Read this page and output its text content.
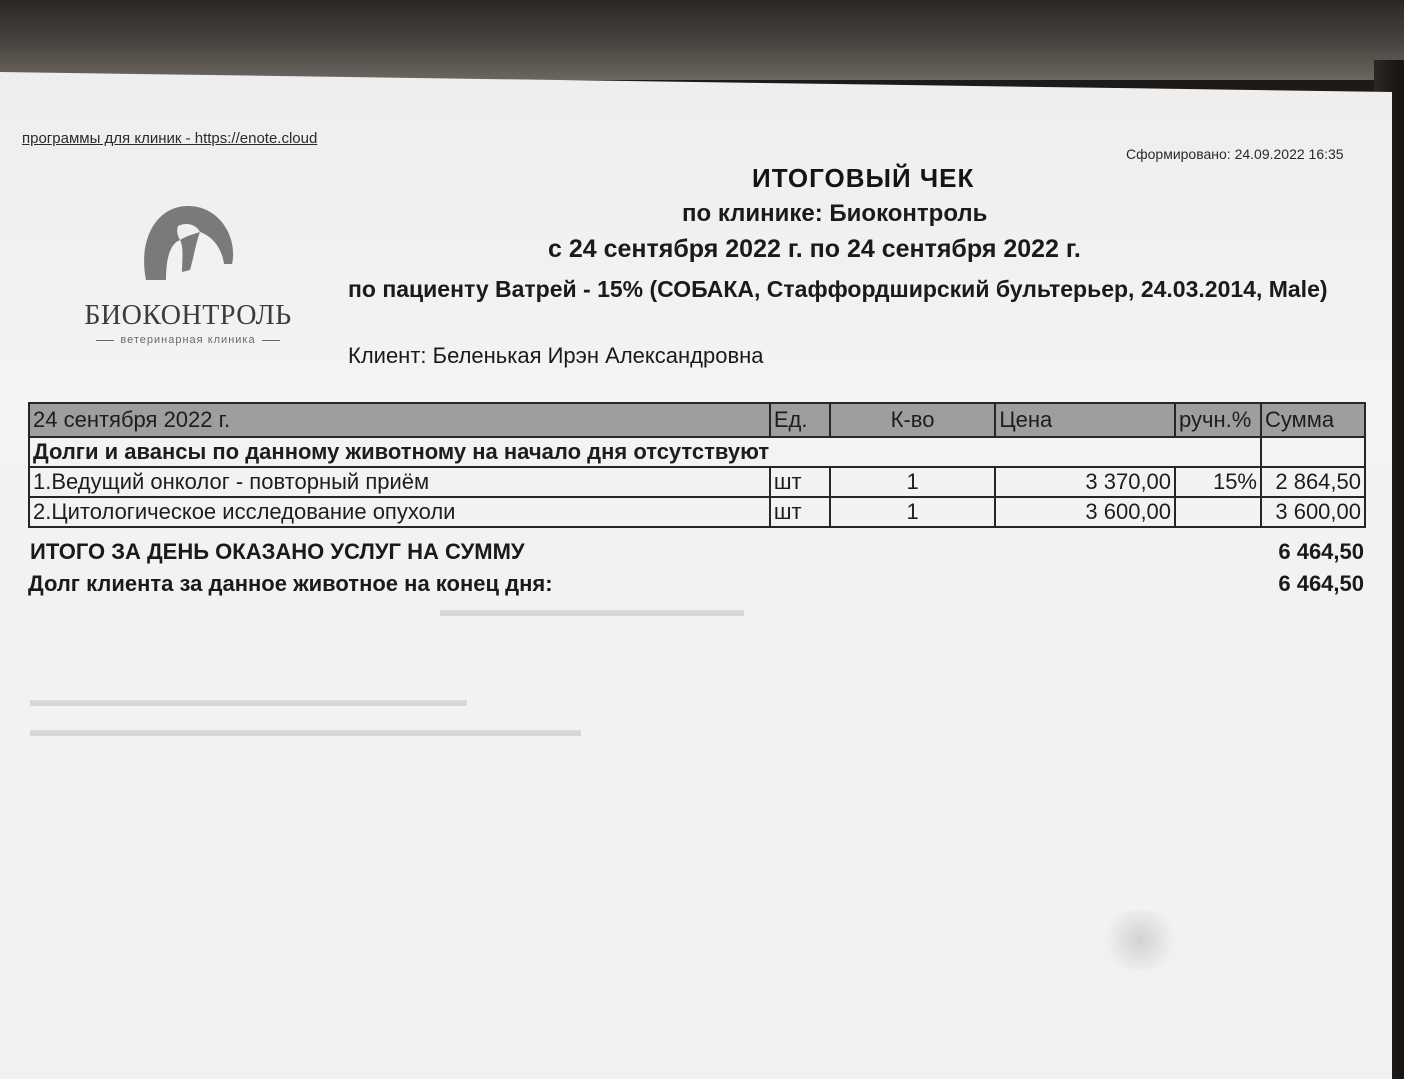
▬▬▬▬▬▬▬▬▬▬▬▬▬▬▬▬
▬▬▬▬▬▬▬▬▬▬▬▬▬▬▬▬▬▬▬▬▬▬▬
▬▬▬▬▬▬▬▬▬▬▬▬▬▬▬▬▬▬▬▬▬▬▬▬▬▬▬▬▬
программы для клиник - https://enote.cloud
Сформировано: 24.09.2022 16:35
БИОКОНТРОЛЬ
ветеринарная клиника
ИТОГОВЫЙ ЧЕК
по клинике: Биоконтроль
с 24 сентября 2022 г. по 24 сентября 2022 г.
по пациенту Ватрей - 15% (СОБАКА, Стаффордширский бультерьер, 24.03.2014, Male)
Клиент: Беленькая Ирэн Александровна
24 сентября 2022 г.	Ед.	К-во	Цена	ручн.%	Сумма
Долги и авансы по данному животному на начало дня отсутствуют					
1.Ведущий онколог - повторный приём	шт	1	3 370,00	15%	2 864,50
2.Цитологическое исследование опухоли	шт	1	3 600,00		3 600,00
ИТОГО ЗА ДЕНЬ ОКАЗАНО УСЛУГ НА СУММУ	6 464,50
Долг клиента за данное животное на конец дня:	6 464,50
